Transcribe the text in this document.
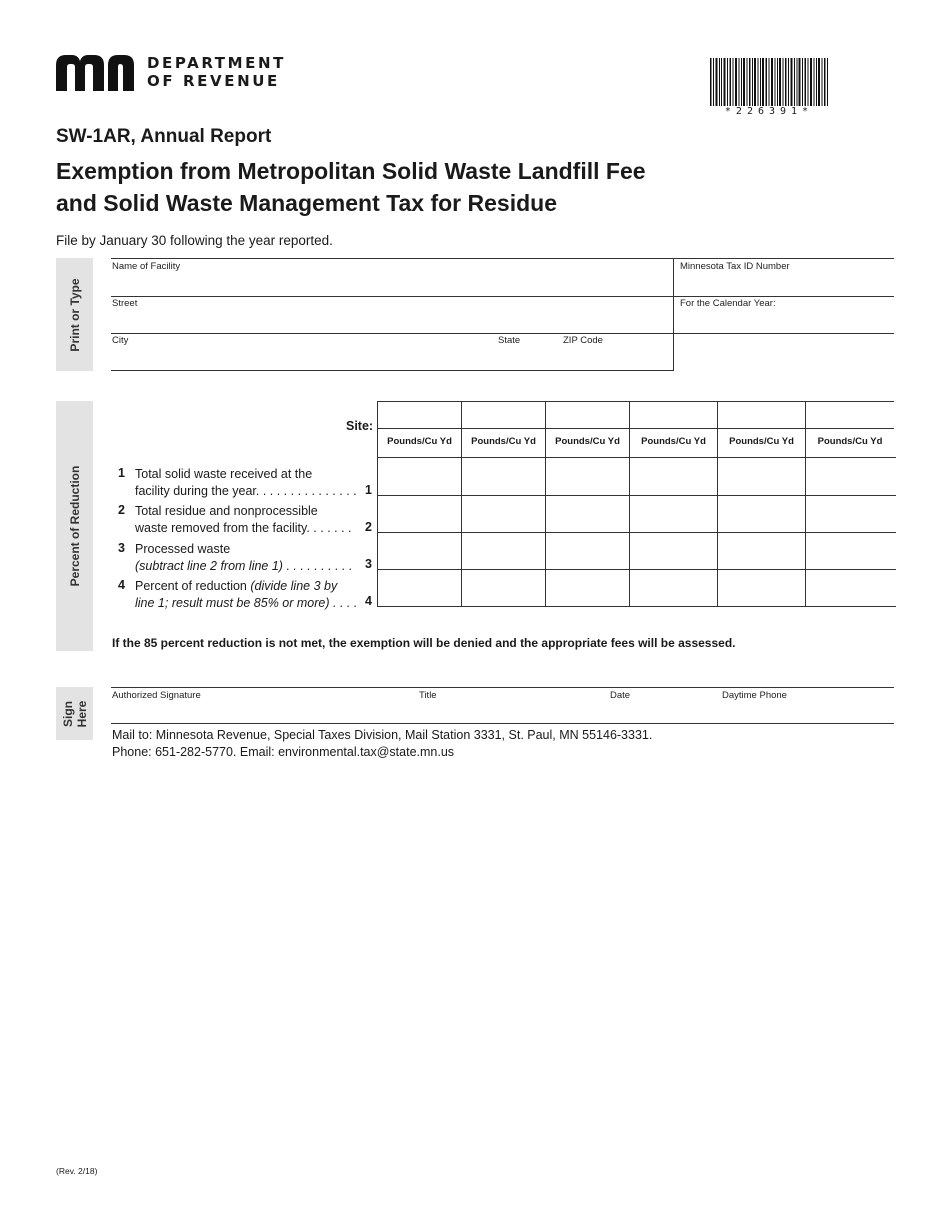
DEPARTMENT
OF REVENUE
*226391*
SW-1AR, Annual Report
Exemption from Metropolitan Solid Waste Landfill Fee
and Solid Waste Management Tax for Residue
File by January 30 following the year reported.
Print or Type
Name of Facility	Minnesota Tax ID Number
Street	For the Calendar Year:
City	State	ZIP Code
Percent of Reduction
Site:
Pounds/Cu Yd	Pounds/Cu Yd	Pounds/Cu Yd	Pounds/Cu Yd	Pounds/Cu Yd	Pounds/Cu Yd
1 Total solid waste received at the
facility during the year. . . . . . . . . . . . . . . 1
2 Total residue and nonprocessible
waste removed from the facility. . . . . . .	2
3 Processed waste
(subtract line 2 from line 1) . . . . . . . . . .	3
4 Percent of reduction (divide line 3 by
line 1; result must be 85% or more) . . . . 4
If the 85 percent reduction is not met, the exemption will be denied and the appropriate fees will be assessed.
Sign Here
Authorized Signature	Title	Date	Daytime Phone
Mail to: Minnesota Revenue, Special Taxes Division, Mail Station 3331, St. Paul, MN 55146-3331.
Phone: 651-282-5770. Email: environmental.tax@state.mn.us
(Rev. 2/18)
